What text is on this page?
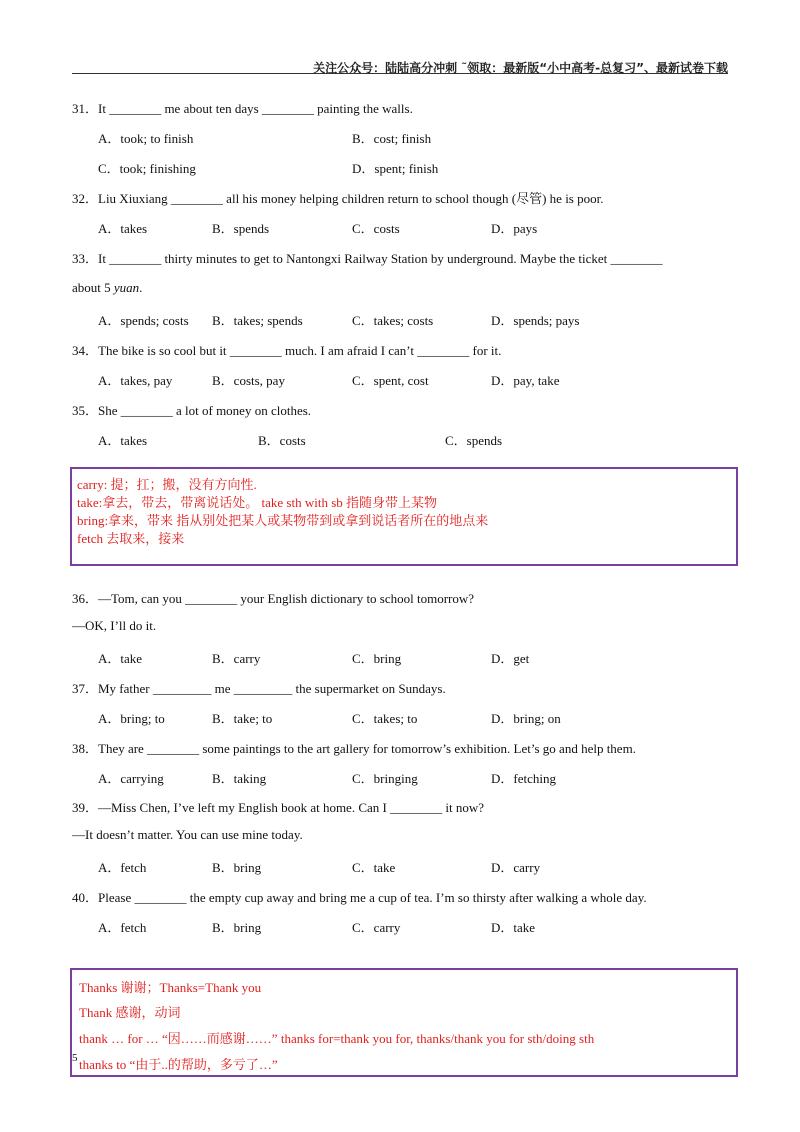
关注公众号：陆陆高分冲刺 ˜领取：最新版“小中高考-总复习”、最新试卷下载
31．It ________ me about ten days ________ painting the walls.
A．took; to finish	B．cost; finish
C．took; finishing	D．spent; finish
32．Liu Xiuxiang ________ all his money helping children return to school though (尽管) he is poor.
A．takes	B．spends	C．costs	D．pays
33．It ________ thirty minutes to get to Nantongxi Railway Station by underground. Maybe the ticket ________
about 5 yuan.
A．spends; costs B．takes; spends	C．takes; costs	D．spends; pays
34．The bike is so cool but it ________ much. I am afraid I can’t ________ for it.
A．takes, pay	B．costs, pay	C．spent, cost	D．pay, take
35．She ________ a lot of money on clothes.
A．takes	B．costs	C．spends
carry: 提；扛；搬，没有方向性.
take:拿去，带去，带离说话处。 take sth with sb 指随身带上某物
bring:拿来，带来 指从别处把某人或某物带到或拿到说话者所在的地点来
fetch 去取来，接来
36．—Tom, can you ________ your English dictionary to school tomorrow?
—OK, I’ll do it.
A．take	B．carry	C．bring	D．get
37．My father _________ me _________ the supermarket on Sundays.
A．bring; to	B．take; to	C．takes; to	D．bring; on
38．They are ________ some paintings to the art gallery for tomorrow’s exhibition. Let’s go and help them.
A．carrying	B．taking	C．bringing	D．fetching
39．—Miss Chen, I’ve left my English book at home. Can I ________ it now?
—It doesn’t matter. You can use mine today.
A．fetch	B．bring	C．take	D．carry
40．Please ________ the empty cup away and bring me a cup of tea. I’m so thirsty after walking a whole day.
A．fetch	B．bring	C．carry	D．take
Thanks 谢谢；Thanks=Thank you
Thank 感谢，动词
thank … for … “因……而感谢……” thanks for=thank you for, thanks/thank you for sth/doing sth
thanks to “由于..的帮助，多亏了…”
5
